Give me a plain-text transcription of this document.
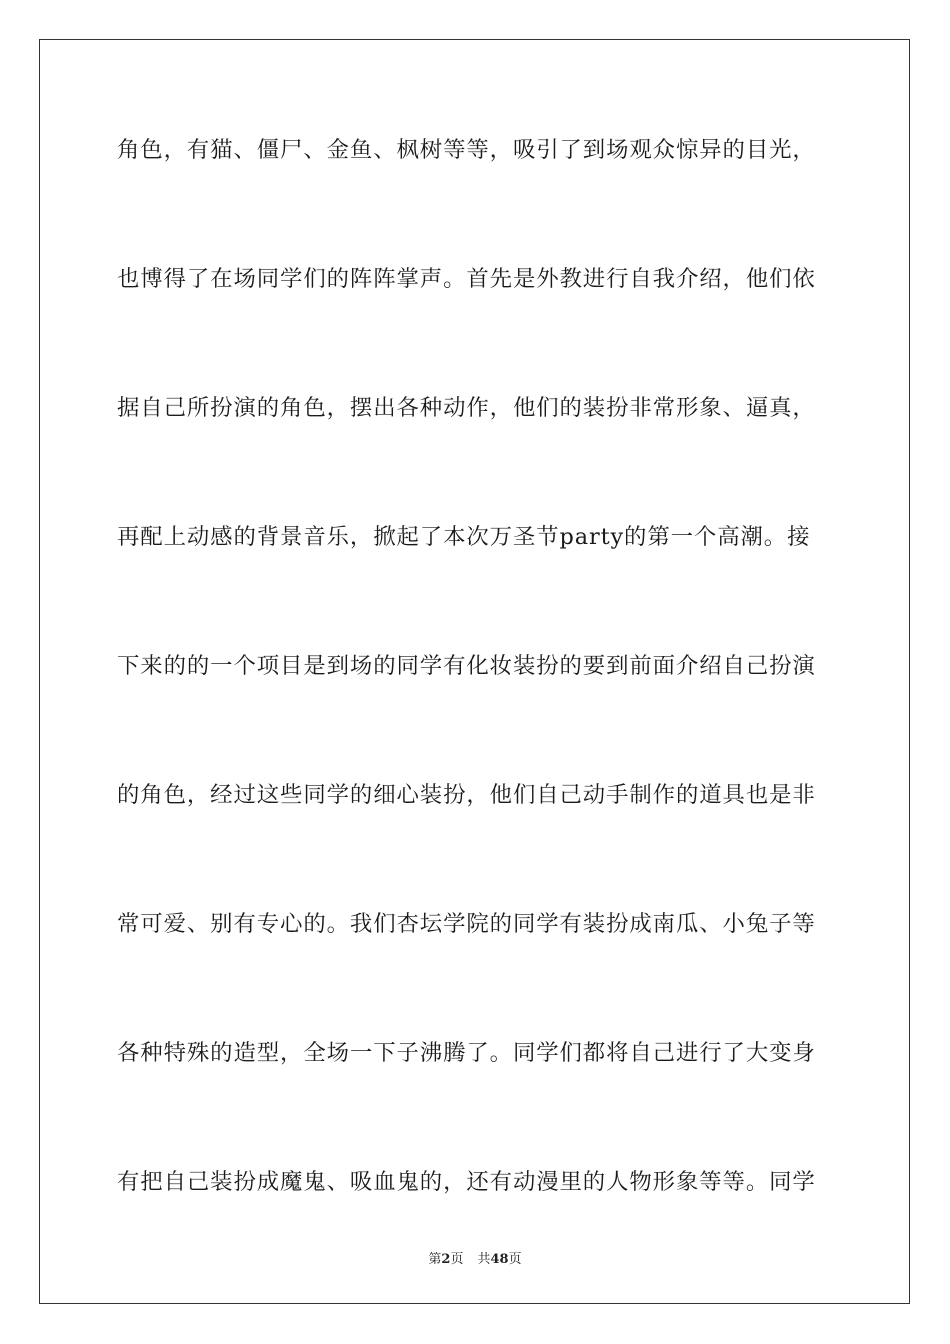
角色，有猫、僵尸、金鱼、枫树等等，吸引了到场观众惊异的目光，
也博得了在场同学们的阵阵掌声。首先是外教进行自我介绍，他们依
据自己所扮演的角色，摆出各种动作，他们的装扮非常形象、逼真，
再配上动感的背景音乐，掀起了本次万圣节party的第一个高潮。接
下来的的一个项目是到场的同学有化妆装扮的要到前面介绍自己扮演
的角色，经过这些同学的细心装扮，他们自己动手制作的道具也是非
常可爱、别有专心的。我们杏坛学院的同学有装扮成南瓜、小兔子等
各种特殊的造型，全场一下子沸腾了。同学们都将自己进行了大变身
有把自己装扮成魔鬼、吸血鬼的，还有动漫里的人物形象等等。同学
第2页 共48页
